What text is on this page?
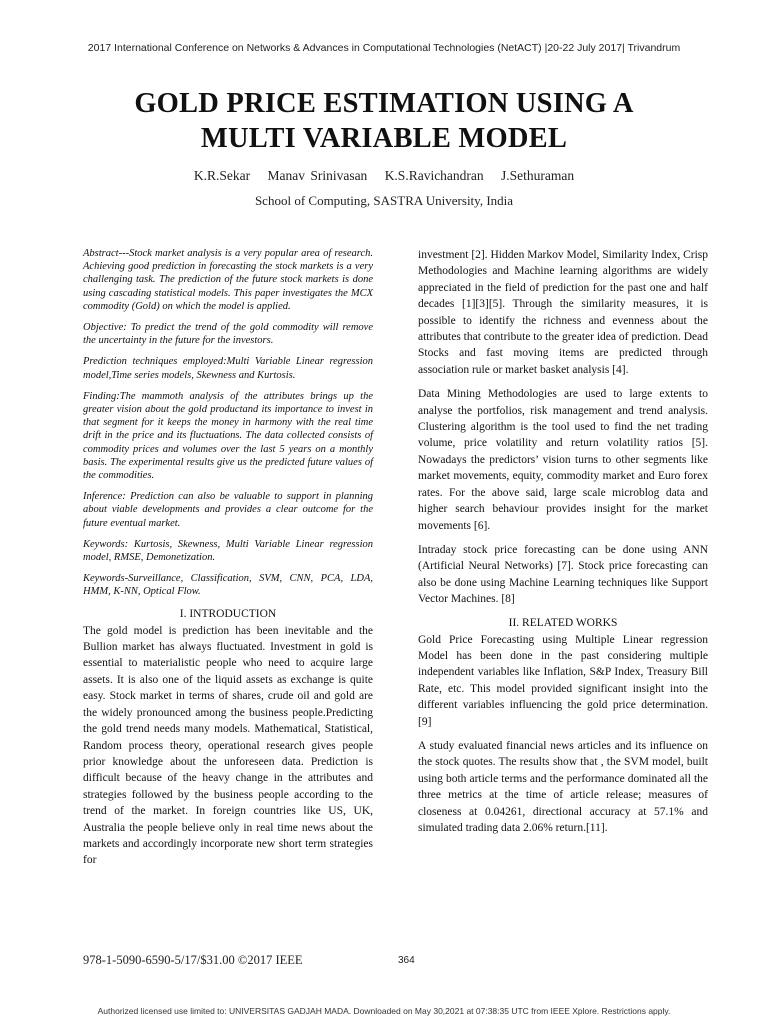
2017 International Conference on Networks & Advances in Computational Technologies (NetACT) |20-22 July 2017| Trivandrum
GOLD PRICE ESTIMATION USING A
MULTI VARIABLE MODEL
K.R.Sekar Manav Srinivasan K.S.Ravichandran J.Sethuraman
School of Computing, SASTRA University, India

Abstract---Stock market analysis is a very popular area of research. Achieving good prediction in forecasting the stock markets is a very challenging task. The prediction of the future stock markets is done using cascading statistical models. This paper investigates the MCX commodity (Gold) on which the model is applied.

Objective: To predict the trend of the gold commodity will remove the uncertainty in the future for the investors.

Prediction techniques employed:Multi Variable Linear regression model,Time series models, Skewness and Kurtosis.

Finding:The mammoth analysis of the attributes brings up the greater vision about the gold productand its importance to invest in that segment for it keeps the money in harmony with the real time drift in the price and its fluctuations. The data collected consists of commodity prices and volumes over the last 5 years on a monthly basis. The experimental results give us the predicted future values of the commodities.

Inference: Prediction can also be valuable to support in planning about viable developments and provides a clear outcome for the future eventual market.

Keywords: Kurtosis, Skewness, Multi Variable Linear regression model, RMSE, Demonetization.

Keywords-Surveillance, Classification, SVM, CNN, PCA, LDA, HMM, K-NN, Optical Flow.

I. INTRODUCTION

The gold model is prediction has been inevitable and the Bullion market has always fluctuated. Investment in gold is essential to materialistic people who need to acquire large assets. It is also one of the liquid assets as exchange is quite easy. Stock market in terms of shares, crude oil and gold are the widely pronounced among the business people.Predicting the gold trend needs many models. Mathematical, Statistical, Random process theory, operational research gives people prior knowledge about the unforeseen data. Prediction is difficult because of the heavy change in the attributes and strategies followed by the business people according to the trend of the market. In foreign countries like US, UK, Australia the people believe only in real time news about the markets and accordingly incorporate new short term strategies for

investment [2]. Hidden Markov Model, Similarity Index, Crisp Methodologies and Machine learning algorithms are widely appreciated in the field of prediction for the past one and half decades [1][3][5]. Through the similarity measures, it is possible to identify the richness and evenness about the attributes that contribute to the greater idea of prediction. Dead Stocks and fast moving items are predicted through association rule or market basket analysis [4].

Data Mining Methodologies are used to large extents to analyse the portfolios, risk management and trend analysis. Clustering algorithm is the tool used to find the net trading volume, price volatility and return volatility ratios [5]. Nowadays the predictors’ vision turns to other segments like market movements, equity, commodity market and Euro forex rates. For the above said, large scale microblog data and higher search behaviour provides insight for the market movements [6].

Intraday stock price forecasting can be done using ANN (Artificial Neural Networks) [7]. Stock price forecasting can also be done using Machine Learning techniques like Support Vector Machines. [8]

II. RELATED WORKS

Gold Price Forecasting using Multiple Linear regression Model has been done in the past considering multiple independent variables like Inflation, S&P Index, Treasury Bill Rate, etc. This model provided significant insight into the different variables influencing the gold price determination. [9]

A study evaluated financial news articles and its influence on the stock quotes. The results show that , the SVM model, built using both article terms and the performance dominated all the three metrics at the time of article release; measures of closeness at 0.04261, directional accuracy at 57.1% and simulated trading data 2.06% return.[11].

978-1-5090-6590-5/17/$31.00 ©2017 IEEE	364
Authorized licensed use limited to: UNIVERSITAS GADJAH MADA. Downloaded on May 30,2021 at 07:38:35 UTC from IEEE Xplore. Restrictions apply.
